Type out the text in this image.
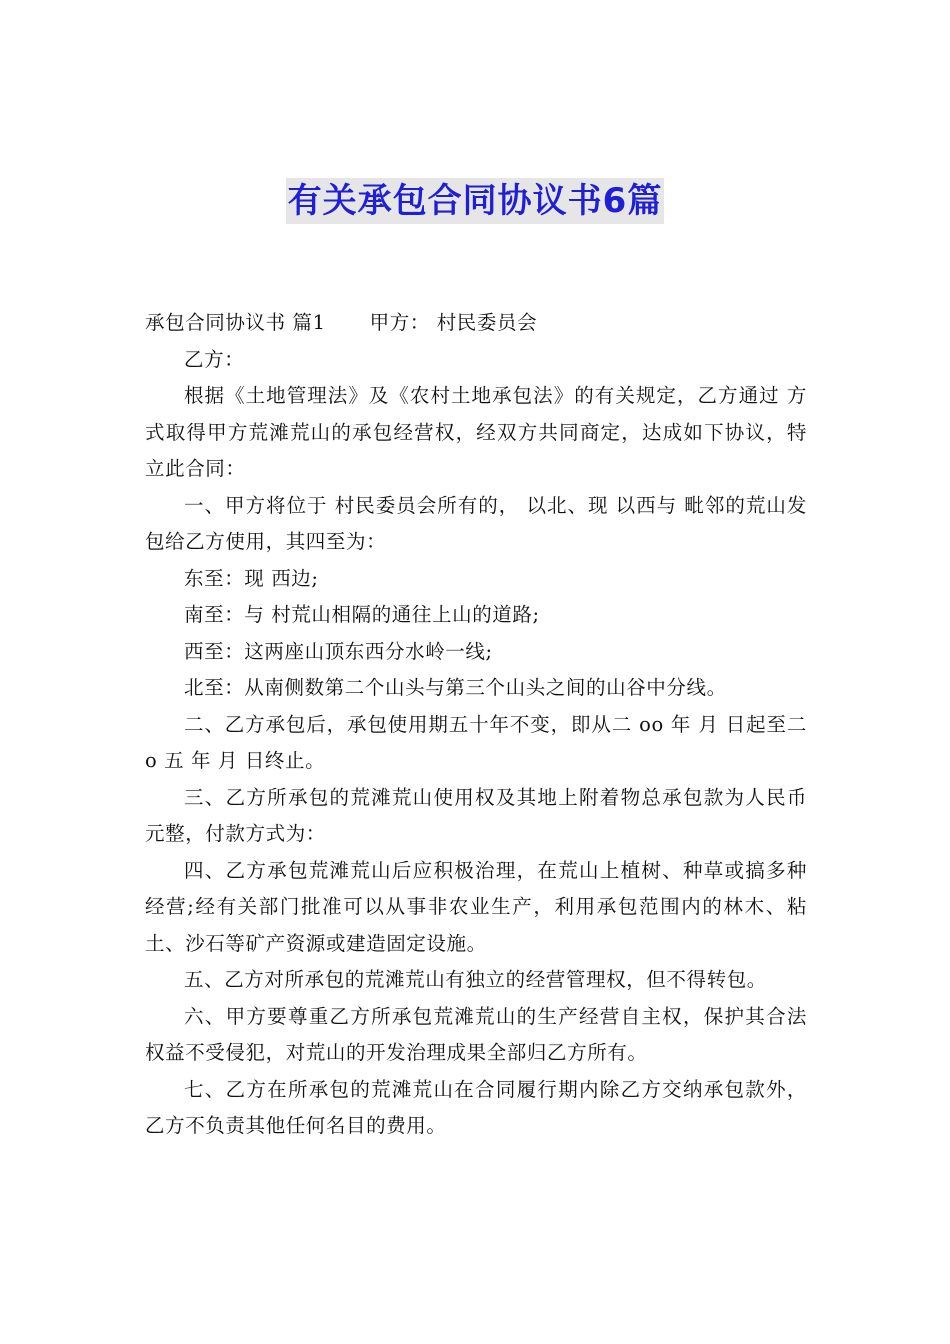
有关承包合同协议书6篇

承包合同协议书 篇1 甲方： 村民委员会

乙方：

根据《土地管理法》及《农村土地承包法》的有关规定，乙方通过 方式取得甲方荒滩荒山的承包经营权，经双方共同商定，达成如下协议，特立此合同：

一、甲方将位于 村民委员会所有的， 以北、现 以西与 毗邻的荒山发包给乙方使用，其四至为：

东至：现 西边;

南至：与 村荒山相隔的通往上山的道路;

西至：这两座山顶东西分水岭一线;

北至：从南侧数第二个山头与第三个山头之间的山谷中分线。

二、乙方承包后，承包使用期五十年不变，即从二 oo 年 月 日起至二 o 五 年 月 日终止。

三、乙方所承包的荒滩荒山使用权及其地上附着物总承包款为人民币 元整，付款方式为：

四、乙方承包荒滩荒山后应积极治理，在荒山上植树、种草或搞多种经营;经有关部门批准可以从事非农业生产，利用承包范围内的林木、粘土、沙石等矿产资源或建造固定设施。

五、乙方对所承包的荒滩荒山有独立的经营管理权，但不得转包。

六、甲方要尊重乙方所承包荒滩荒山的生产经营自主权，保护其合法权益不受侵犯，对荒山的开发治理成果全部归乙方所有。

七、乙方在所承包的荒滩荒山在合同履行期内除乙方交纳承包款外，乙方不负责其他任何名目的费用。
